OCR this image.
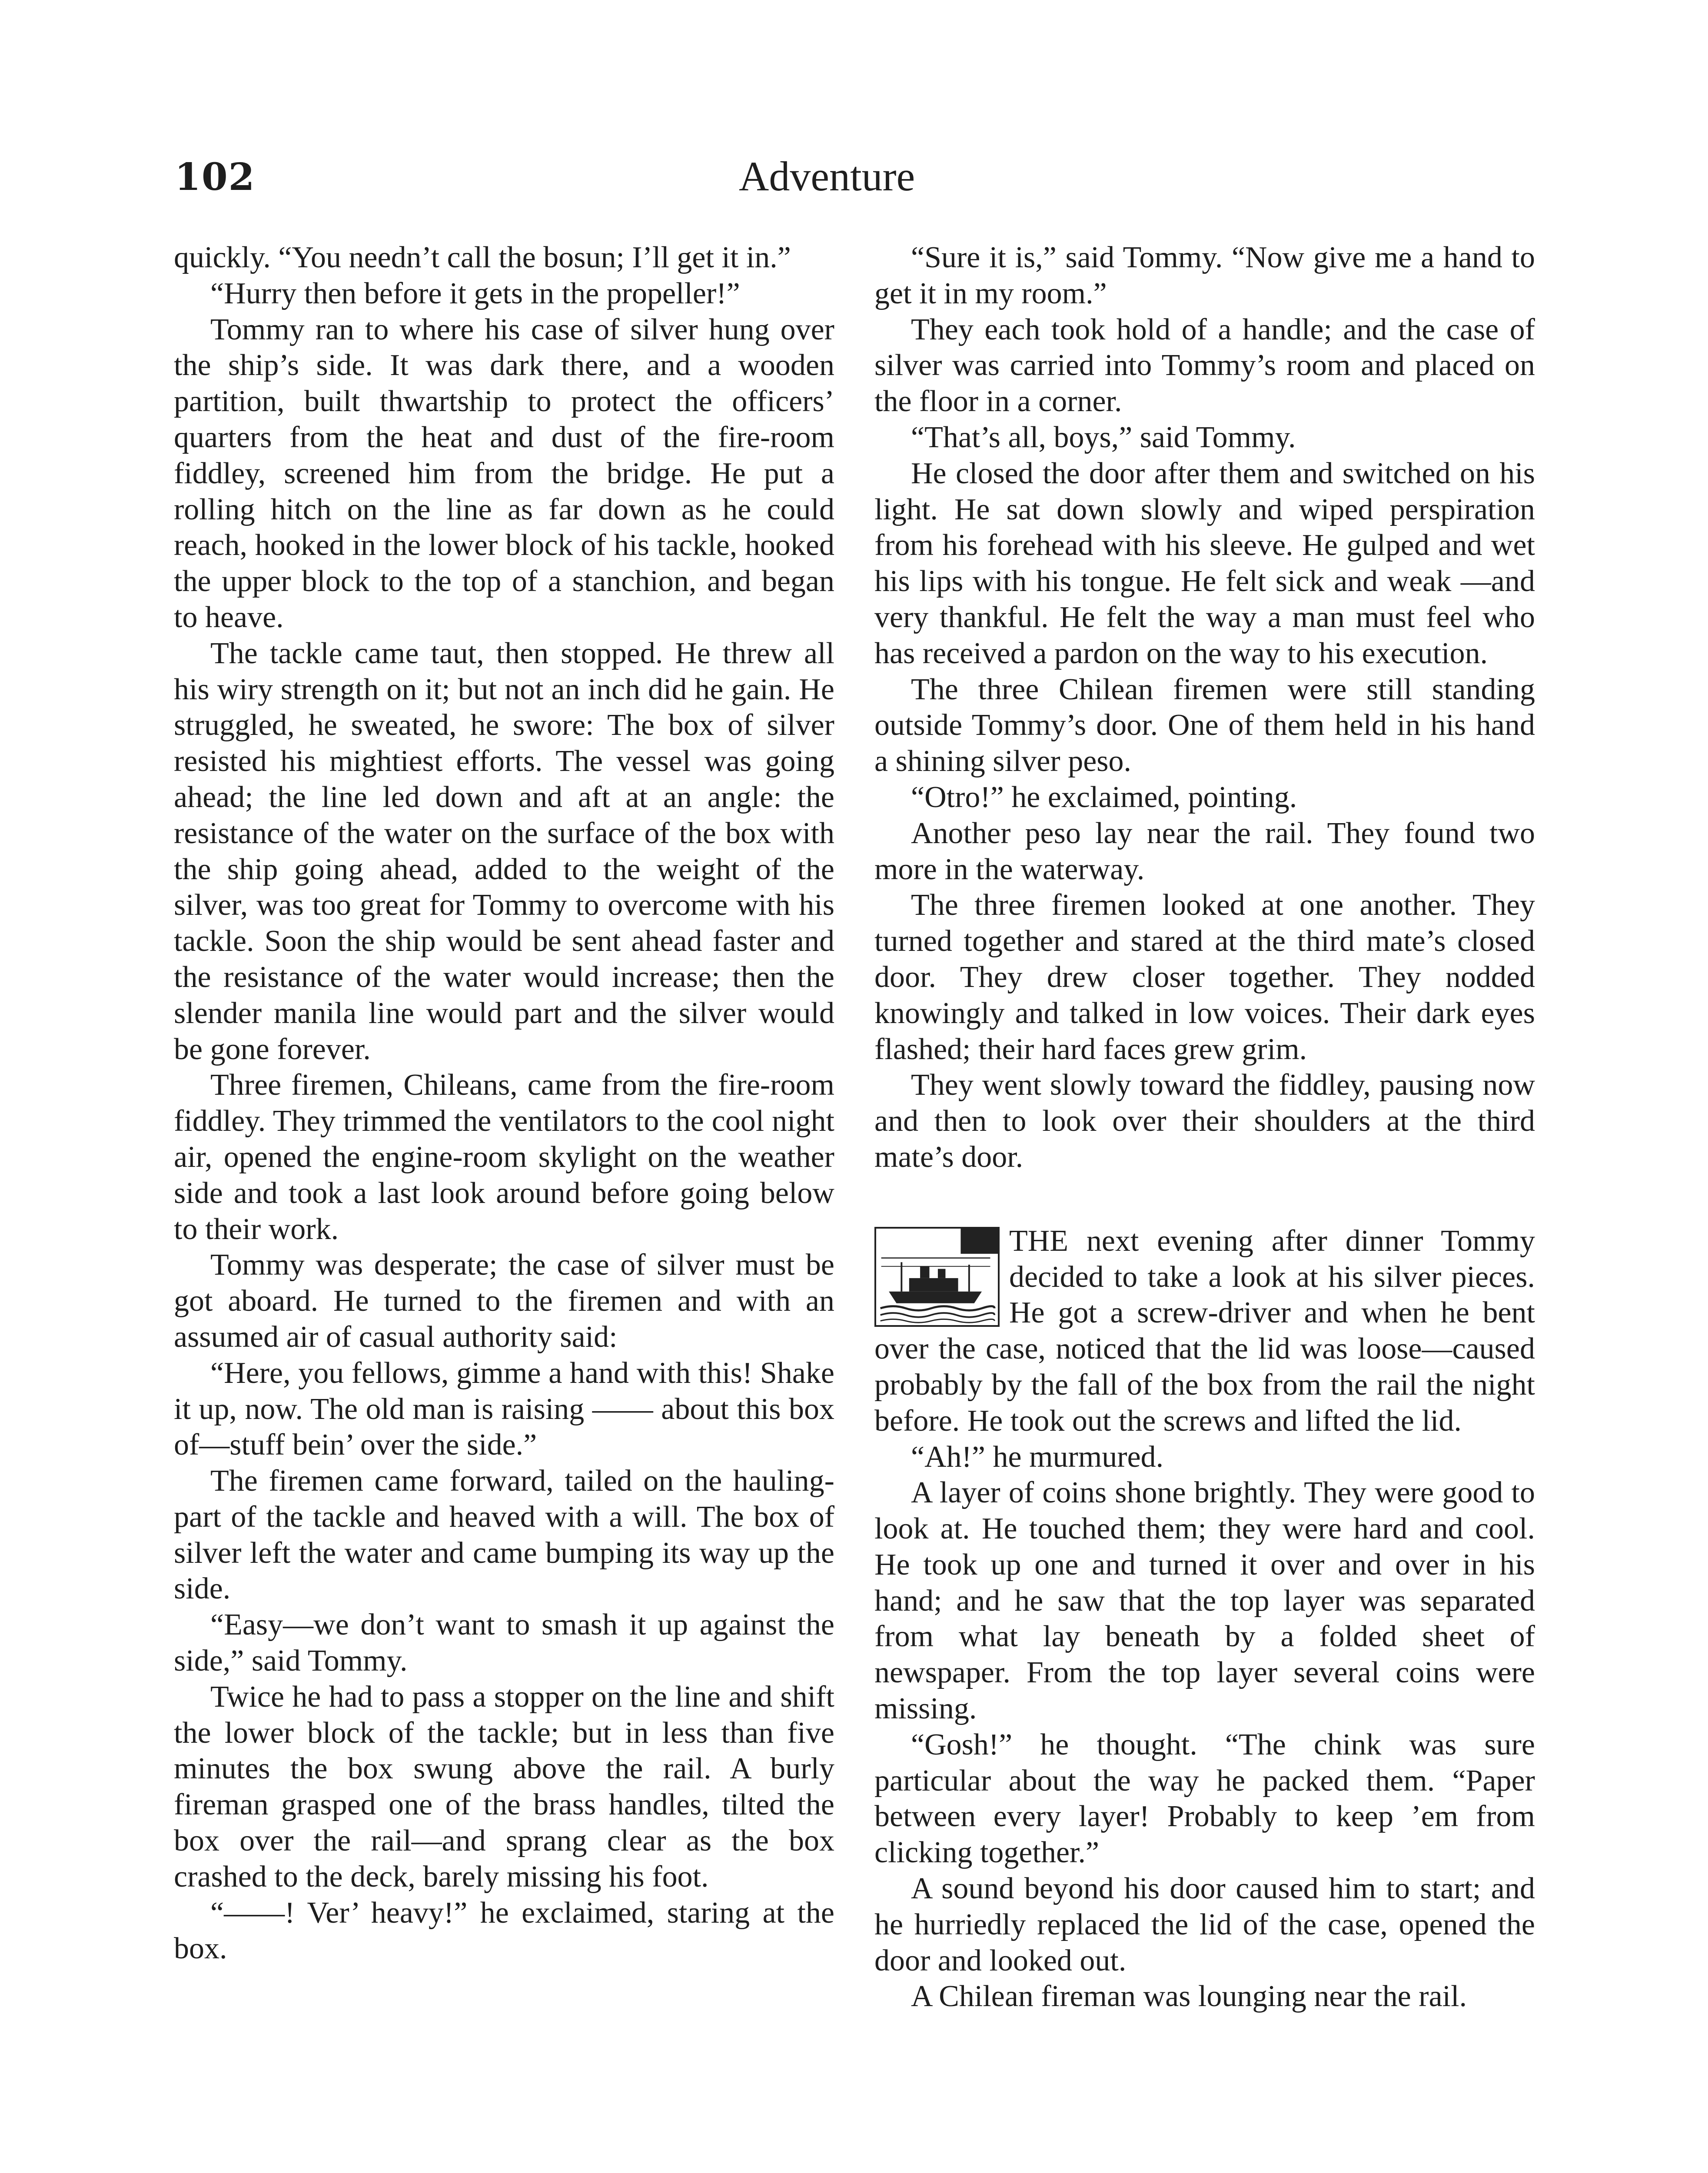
102	Adventure

quickly. “You needn’t call the bosun; I’ll get it in.”

“Hurry then before it gets in the propeller!”

Tommy ran to where his case of silver hung over the ship’s side. It was dark there, and a wooden partition, built thwartship to protect the officers’ quarters from the heat and dust of the fire-room fiddley, screened him from the bridge. He put a rolling hitch on the line as far down as he could reach, hooked in the lower block of his tackle, hooked the upper block to the top of a stanchion, and began to heave.

The tackle came taut, then stopped. He threw all his wiry strength on it; but not an inch did he gain. He struggled, he sweated, he swore: The box of silver resisted his mightiest efforts. The vessel was going ahead; the line led down and aft at an angle: the resistance of the water on the surface of the box with the ship going ahead, added to the weight of the silver, was too great for Tommy to overcome with his tackle. Soon the ship would be sent ahead faster and the resistance of the water would increase; then the slender manila line would part and the silver would be gone forever.

Three firemen, Chileans, came from the fire-room fiddley. They trimmed the ventilators to the cool night air, opened the engine-room skylight on the weather side and took a last look around before going below to their work.

Tommy was desperate; the case of silver must be got aboard. He turned to the firemen and with an assumed air of casual authority said:

“Here, you fellows, gimme a hand with this! Shake it up, now. The old man is raising —— about this box of—stuff bein’ over the side.”

The firemen came forward, tailed on the hauling-part of the tackle and heaved with a will. The box of silver left the water and came bumping its way up the side.

“Easy—we don’t want to smash it up against the side,” said Tommy.

Twice he had to pass a stopper on the line and shift the lower block of the tackle; but in less than five minutes the box swung above the rail. A burly fireman grasped one of the brass handles, tilted the box over the rail—and sprang clear as the box crashed to the deck, barely missing his foot.

“——! Ver’ heavy!” he exclaimed, staring at the box.

“Sure it is,” said Tommy. “Now give me a hand to get it in my room.”

They each took hold of a handle; and the case of silver was carried into Tommy’s room and placed on the floor in a corner.

“That’s all, boys,” said Tommy.

He closed the door after them and switched on his light. He sat down slowly and wiped perspiration from his forehead with his sleeve. He gulped and wet his lips with his tongue. He felt sick and weak —and very thankful. He felt the way a man must feel who has received a pardon on the way to his execution.

The three Chilean firemen were still standing outside Tommy’s door. One of them held in his hand a shining silver peso.

“Otro!” he exclaimed, pointing.

Another peso lay near the rail. They found two more in the waterway.

The three firemen looked at one another. They turned together and stared at the third mate’s closed door. They drew closer together. They nodded knowingly and talked in low voices. Their dark eyes flashed; their hard faces grew grim.

They went slowly toward the fiddley, pausing now and then to look over their shoulders at the third mate’s door.

THE next evening after dinner Tommy decided to take a look at his silver pieces. He got a screw-driver and when he bent over the case, noticed that the lid was loose—caused probably by the fall of the box from the rail the night before. He took out the screws and lifted the lid.

“Ah!” he murmured.

A layer of coins shone brightly. They were good to look at. He touched them; they were hard and cool. He took up one and turned it over and over in his hand; and he saw that the top layer was separated from what lay beneath by a folded sheet of newspaper. From the top layer several coins were missing.

“Gosh!” he thought. “The chink was sure particular about the way he packed them. “Paper between every layer! Probably to keep ’em from clicking together.”

A sound beyond his door caused him to start; and he hurriedly replaced the lid of the case, opened the door and looked out.

A Chilean fireman was lounging near the rail.
